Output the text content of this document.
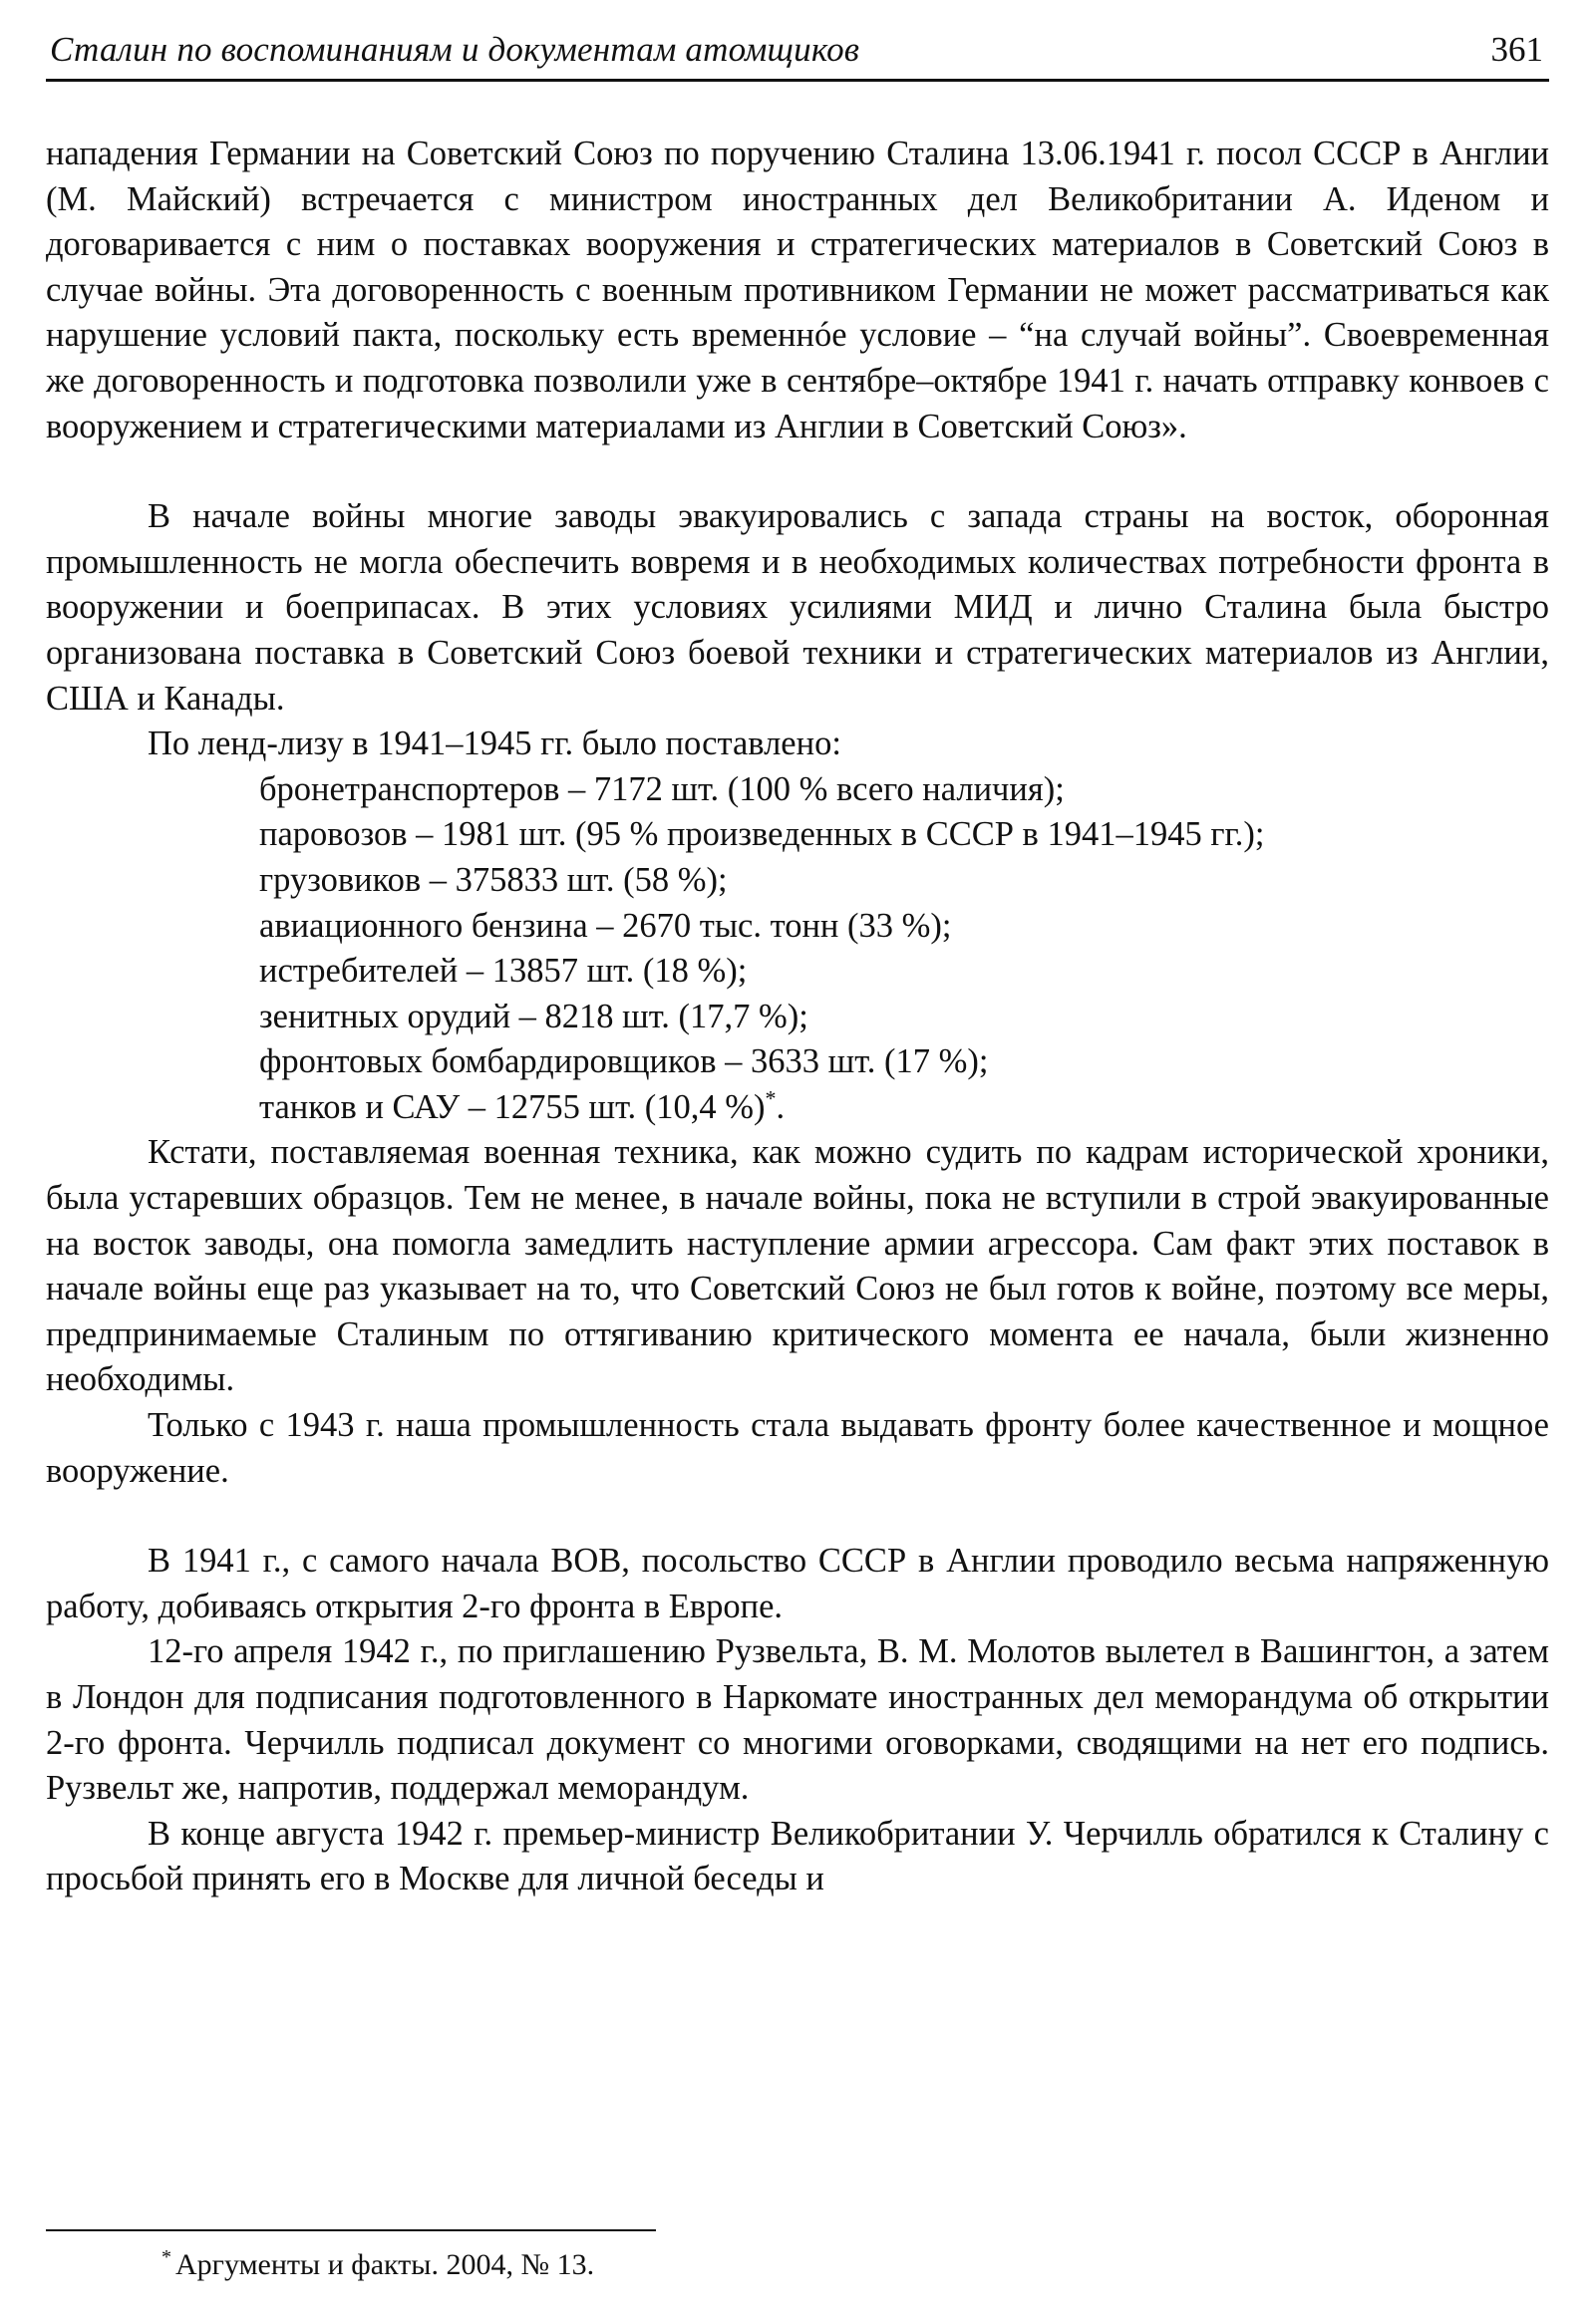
Сталин по воспоминаниям и документам атомщиков	361

нападения Германии на Советский Союз по поручению Сталина 13.06.1941 г. посол СССР в Англии (М. Майский) встречается с министром иностранных дел Великобритании А. Иденом и договаривается с ним о поставках вооружения и стратегических материалов в Советский Союз в случае войны. Эта договоренность с военным противником Германии не может рассматриваться как нарушение условий пакта, поскольку есть временнóе условие – “на случай войны”. Своевременная же договоренность и подготовка позволили уже в сентябре–октябре 1941 г. начать отправку конвоев с вооружением и стратегическими материалами из Англии в Советский Союз».

В начале войны многие заводы эвакуировались с запада страны на восток, оборонная промышленность не могла обеспечить вовремя и в необходимых количествах потребности фронта в вооружении и боеприпасах. В этих условиях усилиями МИД и лично Сталина была быстро организована поставка в Советский Союз боевой техники и стратегических материалов из Англии, США и Канады.

По ленд-лизу в 1941–1945 гг. было поставлено:

бронетранспортеров – 7172 шт. (100 % всего наличия);
паровозов – 1981 шт. (95 % произведенных в СССР в 1941–1945 гг.);
грузовиков – 375833 шт. (58 %);
авиационного бензина – 2670 тыс. тонн (33 %);
истребителей – 13857 шт. (18 %);
зенитных орудий – 8218 шт. (17,7 %);
фронтовых бомбардировщиков – 3633 шт. (17 %);
танков и САУ – 12755 шт. (10,4 %)*.

Кстати, поставляемая военная техника, как можно судить по кадрам исторической хроники, была устаревших образцов. Тем не менее, в начале войны, пока не вступили в строй эвакуированные на восток заводы, она помогла замедлить наступление армии агрессора. Сам факт этих поставок в начале войны еще раз указывает на то, что Советский Союз не был готов к войне, поэтому все меры, предпринимаемые Сталиным по оттягиванию критического момента ее начала, были жизненно необходимы.

Только с 1943 г. наша промышленность стала выдавать фронту более качественное и мощное вооружение.

В 1941 г., с самого начала ВОВ, посольство СССР в Англии проводило весьма напряженную работу, добиваясь открытия 2-го фронта в Европе.

12-го апреля 1942 г., по приглашению Рузвельта, В. М. Молотов вылетел в Вашингтон, а затем в Лондон для подписания подготовленного в Наркомате иностранных дел меморандума об открытии 2-го фронта. Черчилль подписал документ со многими оговорками, сводящими на нет его подпись. Рузвельт же, напротив, поддержал меморандум.

В конце августа 1942 г. премьер-министр Великобритании У. Черчилль обратился к Сталину с просьбой принять его в Москве для личной беседы и

* Аргументы и факты. 2004, № 13.
